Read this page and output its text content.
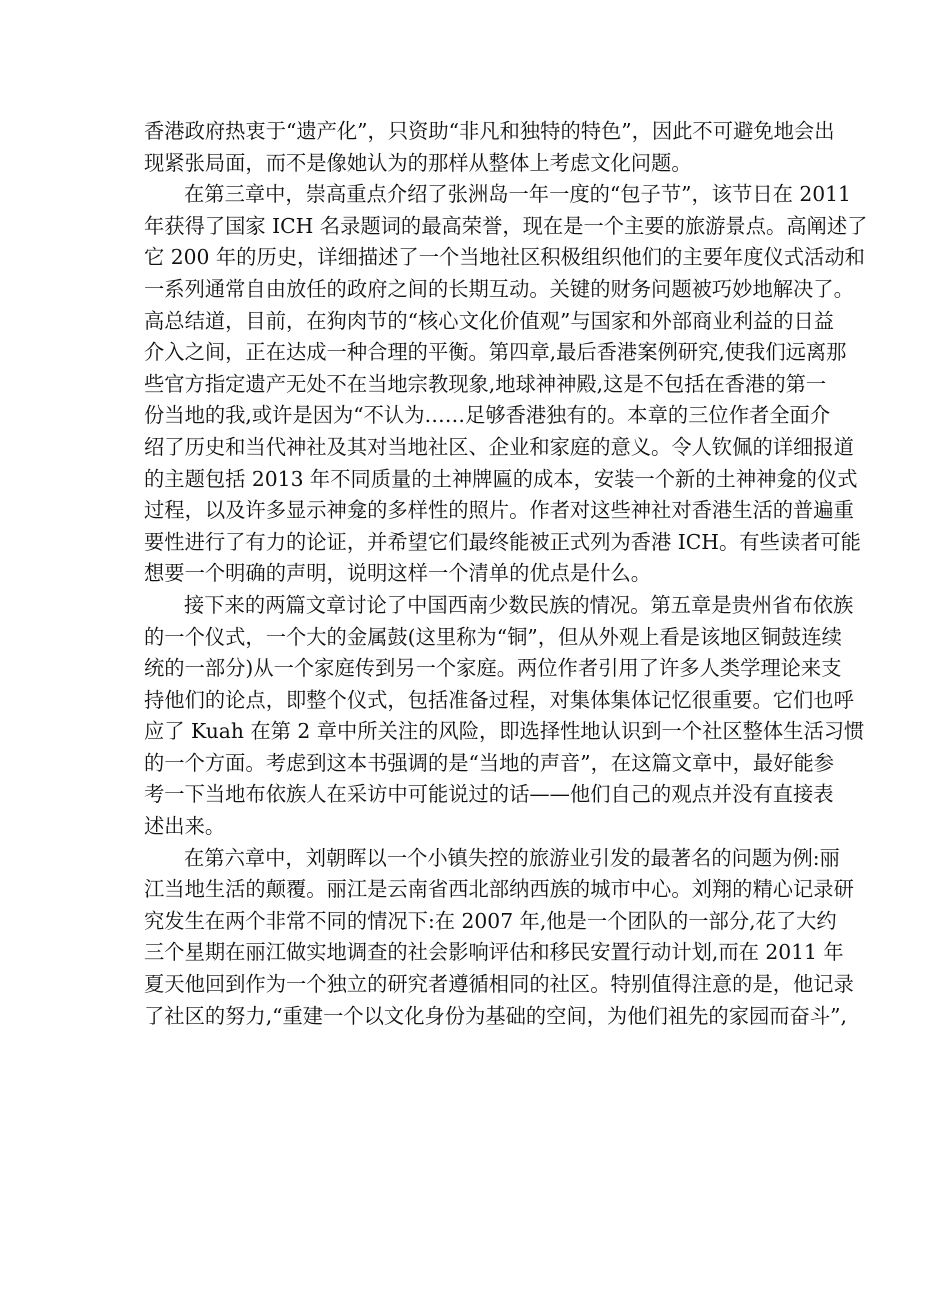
香港政府热衷于“遗产化”，只资助“非凡和独特的特色”，因此不可避免地会出
现紧张局面，而不是像她认为的那样从整体上考虑文化问题。
在第三章中，崇高重点介绍了张洲岛一年一度的“包子节”，该节日在 2011
年获得了国家 ICH 名录题词的最高荣誉，现在是一个主要的旅游景点。高阐述了
它 200 年的历史，详细描述了一个当地社区积极组织他们的主要年度仪式活动和
一系列通常自由放任的政府之间的长期互动。关键的财务问题被巧妙地解决了。
高总结道，目前，在狗肉节的“核心文化价值观”与国家和外部商业利益的日益
介入之间，正在达成一种合理的平衡。第四章,最后香港案例研究,使我们远离那
些官方指定遗产无处不在当地宗教现象,地球神神殿,这是不包括在香港的第一
份当地的我,或许是因为“不认为……足够香港独有的。本章的三位作者全面介
绍了历史和当代神社及其对当地社区、企业和家庭的意义。令人钦佩的详细报道
的主题包括 2013 年不同质量的土神牌匾的成本，安装一个新的土神神龛的仪式
过程，以及许多显示神龛的多样性的照片。作者对这些神社对香港生活的普遍重
要性进行了有力的论证，并希望它们最终能被正式列为香港 ICH。有些读者可能
想要一个明确的声明，说明这样一个清单的优点是什么。
接下来的两篇文章讨论了中国西南少数民族的情况。第五章是贵州省布依族
的一个仪式，一个大的金属鼓(这里称为“铜”，但从外观上看是该地区铜鼓连续
统的一部分)从一个家庭传到另一个家庭。两位作者引用了许多人类学理论来支
持他们的论点，即整个仪式，包括准备过程，对集体集体记忆很重要。它们也呼
应了 Kuah 在第 2 章中所关注的风险，即选择性地认识到一个社区整体生活习惯
的一个方面。考虑到这本书强调的是“当地的声音”，在这篇文章中，最好能参
考一下当地布依族人在采访中可能说过的话——他们自己的观点并没有直接表
述出来。
在第六章中，刘朝晖以一个小镇失控的旅游业引发的最著名的问题为例:丽
江当地生活的颠覆。丽江是云南省西北部纳西族的城市中心。刘翔的精心记录研
究发生在两个非常不同的情况下:在 2007 年,他是一个团队的一部分,花了大约
三个星期在丽江做实地调查的社会影响评估和移民安置行动计划,而在 2011 年
夏天他回到作为一个独立的研究者遵循相同的社区。特别值得注意的是，他记录
了社区的努力,“重建一个以文化身份为基础的空间，为他们祖先的家园而奋斗”,
